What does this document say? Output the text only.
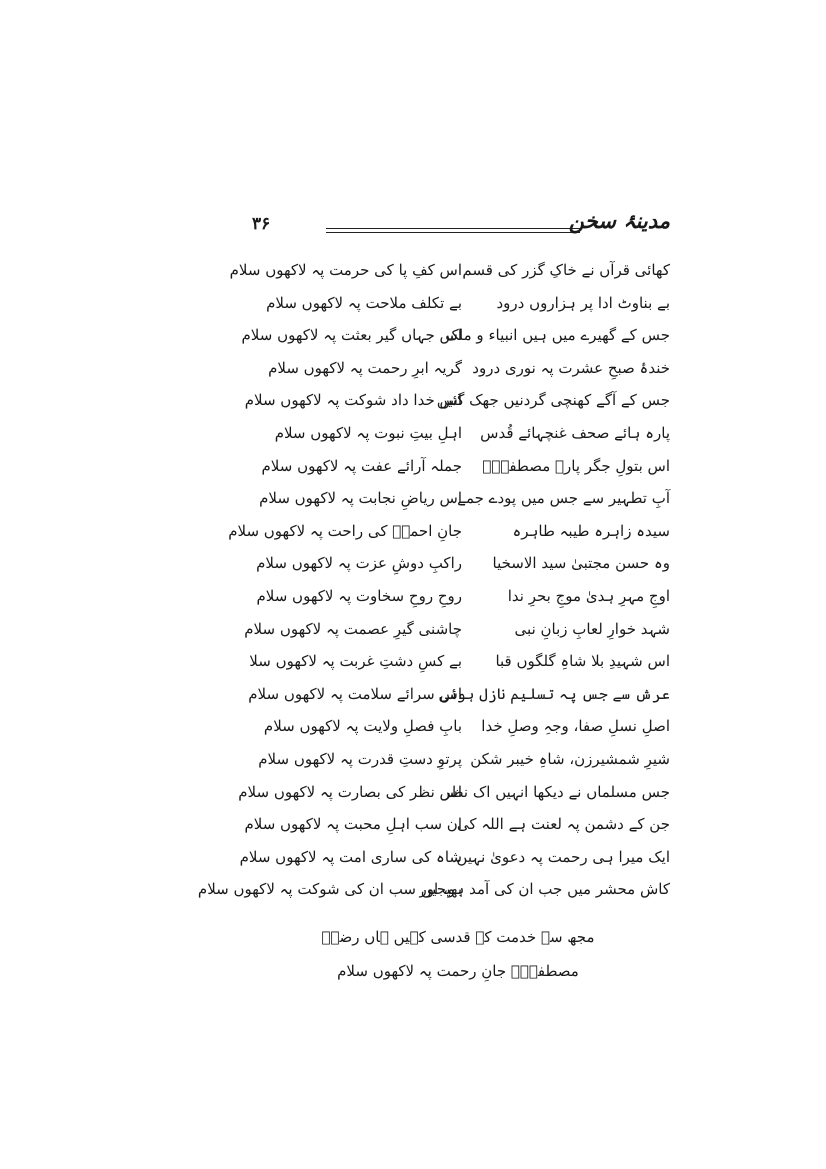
۳۶	مدینۂ سخن
کھائی قرآں نے خاکِ گزر کی قسم
اس کفِ پا کی حرمت پہ لاکھوں سلام
بے بناوٹ ادا پر ہزاروں درود
بے تکلف ملاحت پہ لاکھوں سلام
جس کے گھیرے میں ہیں انبیاء و ملک
اس جہاں گیر بعثت پہ لاکھوں سلام
خندۂ صبحِ عشرت پہ نوری درود
گریہ ابرِ رحمت پہ لاکھوں سلام
جس کے آگے کھنچی گردنیں جھک گئیں
اس خدا داد شوکت پہ لاکھوں سلام
پارہ ہائے صحف غنچہائے قُدس
اہلِ بیتِ نبوت پہ لاکھوں سلام
اس بتولِ جگر پارۂ مصطفیٰؐ
جملہ آرائے عفت پہ لاکھوں سلام
آبِ تطہیر سے جس میں پودے جمے
اس ریاضِ نجابت پہ لاکھوں سلام
سیدہ زاہرہ طیبہ طاہرہ
جانِ احمدؐ کی راحت پہ لاکھوں سلام
وہ حسن مجتبیٰ سید الاسخیا
راکبِ دوشِ عزت پہ لاکھوں سلام
اوجِ مہرِ ہدیٰ موجِ بحرِ ندا
روحِ روحِ سخاوت پہ لاکھوں سلام
شہد خوارِ لعابِ زبانِ نبی
چاشنی گیرِ عصمت پہ لاکھوں سلام
اس شہیدِ بلا شاہِ گلگوں قبا
بے کسِ دشتِ غربت پہ لاکھوں سلا
عرش سے جس پہ تسلیم نازل ہوئی
اس سرائے سلامت پہ لاکھوں سلام
اصلِ نسلِ صفا، وجہِ وصلِ خدا
بابِ فصلِ ولایت پہ لاکھوں سلام
شیرِ شمشیرزن، شاہِ خیبر شکن
پرتوِ دستِ قدرت پہ لاکھوں سلام
جس مسلماں نے دیکھا انہیں اک نظر
اس نظر کی بصارت پہ لاکھوں سلام
جن کے دشمن پہ لعنت ہے اللہ کی
ان سب اہلِ محبت پہ لاکھوں سلام
ایک میرا ہی رحمت پہ دعویٰ نہیں
شاہ کی ساری امت پہ لاکھوں سلام
کاش محشر میں جب ان کی آمد ہو، اور
بھیجیں سب ان کی شوکت پہ لاکھوں سلام
مجھ سے خدمت کے قدسی کہیں ہاں رضاؔ
مصطفیٰؐ جانِ رحمت پہ لاکھوں سلام
